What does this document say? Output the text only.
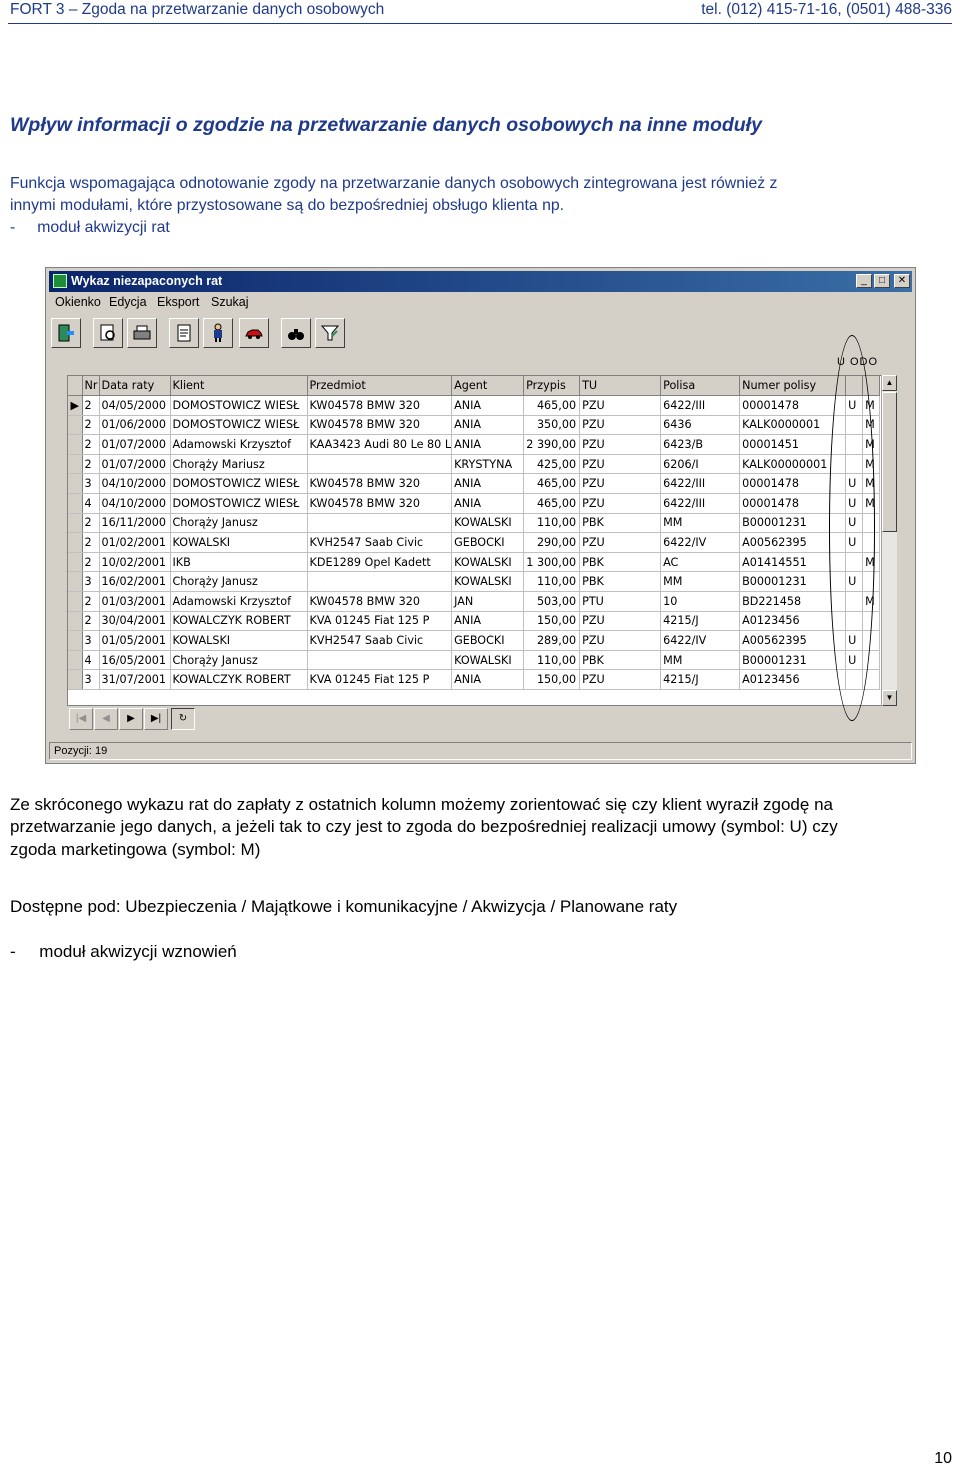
FORT 3 – Zgoda na przetwarzanie danych osobowych	tel. (012) 415-71-16, (0501) 488-336
Wpływ informacji o zgodzie na przetwarzanie danych osobowych na inne moduły
Funkcja wspomagająca odnotowanie zgody na przetwarzanie danych osobowych zintegrowana jest również z
innymi modułami, które przystosowane są do bezpośredniej obsługo klienta np.
-     moduł akwizycji rat
Wykaz niezapaconych rat	_	□	✕
Okienko Edycja Eksport Szukaj
U ODO
	Nr	Data raty	Klient	Przedmiot	Agent	Przypis	TU	Polisa	Numer polisy		
▶	2	04/05/2000	DOMOSTOWICZ WIESŁ	KW04578 BMW 320	ANIA	465,00	PZU	6422/III	00001478	U	M
	2	01/06/2000	DOMOSTOWICZ WIESŁ	KW04578 BMW 320	ANIA	350,00	PZU	6436	KALK0000001		M
	2	01/07/2000	Adamowski Krzysztof	KAA3423 Audi 80 Le 80 L	ANIA	2 390,00	PZU	6423/B	00001451		M
	2	01/07/2000	Chorąży Mariusz		KRYSTYNA	425,00	PZU	6206/I	KALK00000001		M
	3	04/10/2000	DOMOSTOWICZ WIESŁ	KW04578 BMW 320	ANIA	465,00	PZU	6422/III	00001478	U	M
	4	04/10/2000	DOMOSTOWICZ WIESŁ	KW04578 BMW 320	ANIA	465,00	PZU	6422/III	00001478	U	M
	2	16/11/2000	Chorąży Janusz		KOWALSKI	110,00	PBK	MM	B00001231	U	
	2	01/02/2001	KOWALSKI	KVH2547 Saab Civic	GEBOCKI	290,00	PZU	6422/IV	A00562395	U	
	2	10/02/2001	IKB	KDE1289 Opel Kadett	KOWALSKI	1 300,00	PBK	AC	A01414551		M
	3	16/02/2001	Chorąży Janusz		KOWALSKI	110,00	PBK	MM	B00001231	U	
	2	01/03/2001	Adamowski Krzysztof	KW04578 BMW 320	JAN	503,00	PTU	10	BD221458		M
	2	30/04/2001	KOWALCZYK ROBERT	KVA 01245 Fiat 125 P	ANIA	150,00	PZU	4215/J	A0123456		
	3	01/05/2001	KOWALSKI	KVH2547 Saab Civic	GEBOCKI	289,00	PZU	6422/IV	A00562395	U	
	4	16/05/2001	Chorąży Janusz		KOWALSKI	110,00	PBK	MM	B00001231	U	
	3	31/07/2001	KOWALCZYK ROBERT	KVA 01245 Fiat 125 P	ANIA	150,00	PZU	4215/J	A0123456		
▲
▼
|◀	◀	▶	▶|	↻
Pozycji: 19
Ze skróconego wykazu rat do zapłaty z ostatnich kolumn możemy zorientować się czy klient wyraził zgodę na
przetwarzanie jego danych, a jeżeli tak to czy jest to zgoda do bezpośredniej realizacji umowy (symbol: U) czy
zgoda marketingowa (symbol: M)
Dostępne pod: Ubezpieczenia / Majątkowe i komunikacyjne / Akwizycja / Planowane raty
-     moduł akwizycji wznowień
10
